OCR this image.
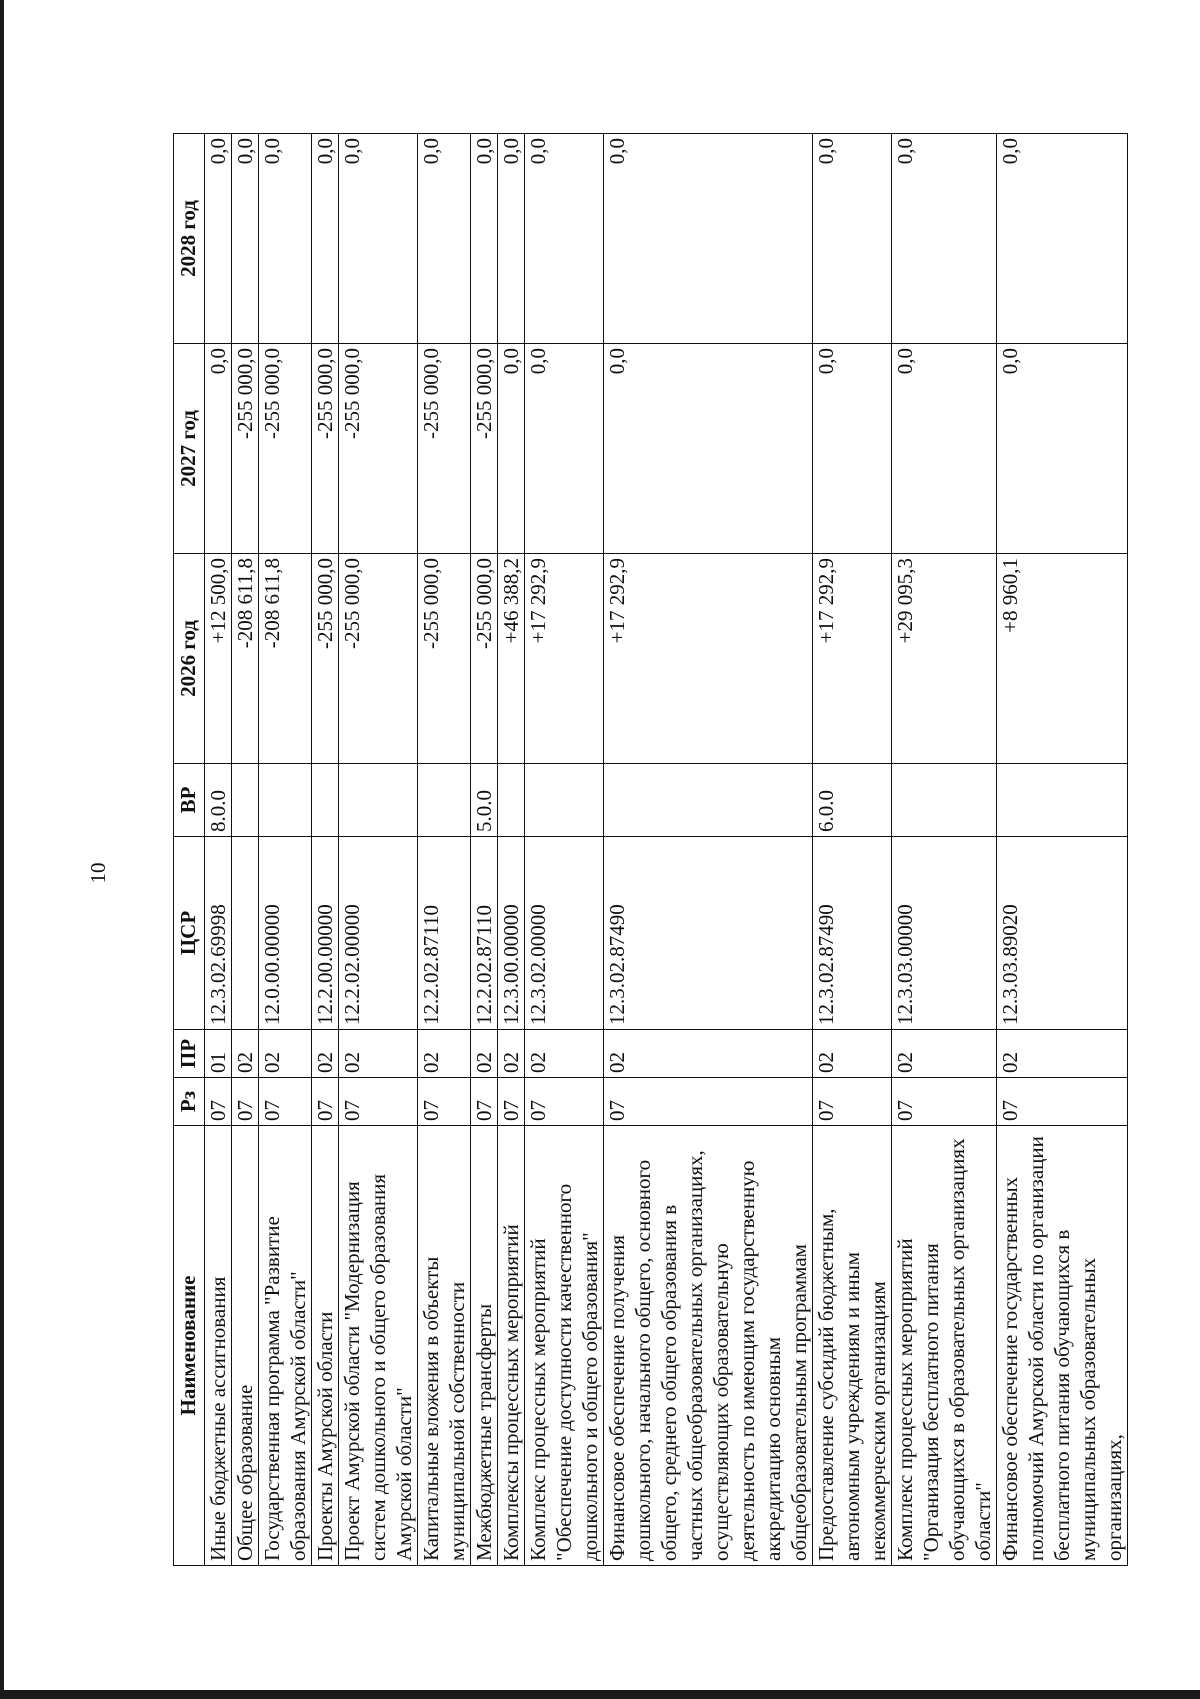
10
Наименование	Рз	ПР	ЦСР	ВР	2026 год	2027 год	2028 год
Иные бюджетные ассигнования	07	01	12.3.02.69998	8.0.0	+12 500,0	0,0	0,0
Общее образование	07	02			-208 611,8	-255 000,0	0,0
Государственная программа "Развитие образования Амурской области"	07	02	12.0.00.00000		-208 611,8	-255 000,0	0,0
Проекты Амурской области	07	02	12.2.00.00000		-255 000,0	-255 000,0	0,0
Проект Амурской области "Модернизация систем дошкольного и общего образования Амурской области"	07	02	12.2.02.00000		-255 000,0	-255 000,0	0,0
Капитальные вложения в объекты муниципальной собственности	07	02	12.2.02.87110		-255 000,0	-255 000,0	0,0
Межбюджетные трансферты	07	02	12.2.02.87110	5.0.0	-255 000,0	-255 000,0	0,0
Комплексы процессных мероприятий	07	02	12.3.00.00000		+46 388,2	0,0	0,0
Комплекс процессных мероприятий "Обеспечение доступности качественного дошкольного и общего образования"	07	02	12.3.02.00000		+17 292,9	0,0	0,0
Финансовое обеспечение получения дошкольного, начального общего, основного общего, среднего общего образования в частных общеобразовательных организациях, осуществляющих образовательную деятельность по имеющим государственную аккредитацию основным общеобразовательным программам	07	02	12.3.02.87490		+17 292,9	0,0	0,0
Предоставление субсидий бюджетным, автономным учреждениям и иным некоммерческим организациям	07	02	12.3.02.87490	6.0.0	+17 292,9	0,0	0,0
Комплекс процессных мероприятий "Организация бесплатного питания обучающихся в образовательных организациях области"	07	02	12.3.03.00000		+29 095,3	0,0	0,0
Финансовое обеспечение государственных полномочий Амурской области по организации бесплатного питания обучающихся в муниципальных образовательных организациях,	07	02	12.3.03.89020		+8 960,1	0,0	0,0
